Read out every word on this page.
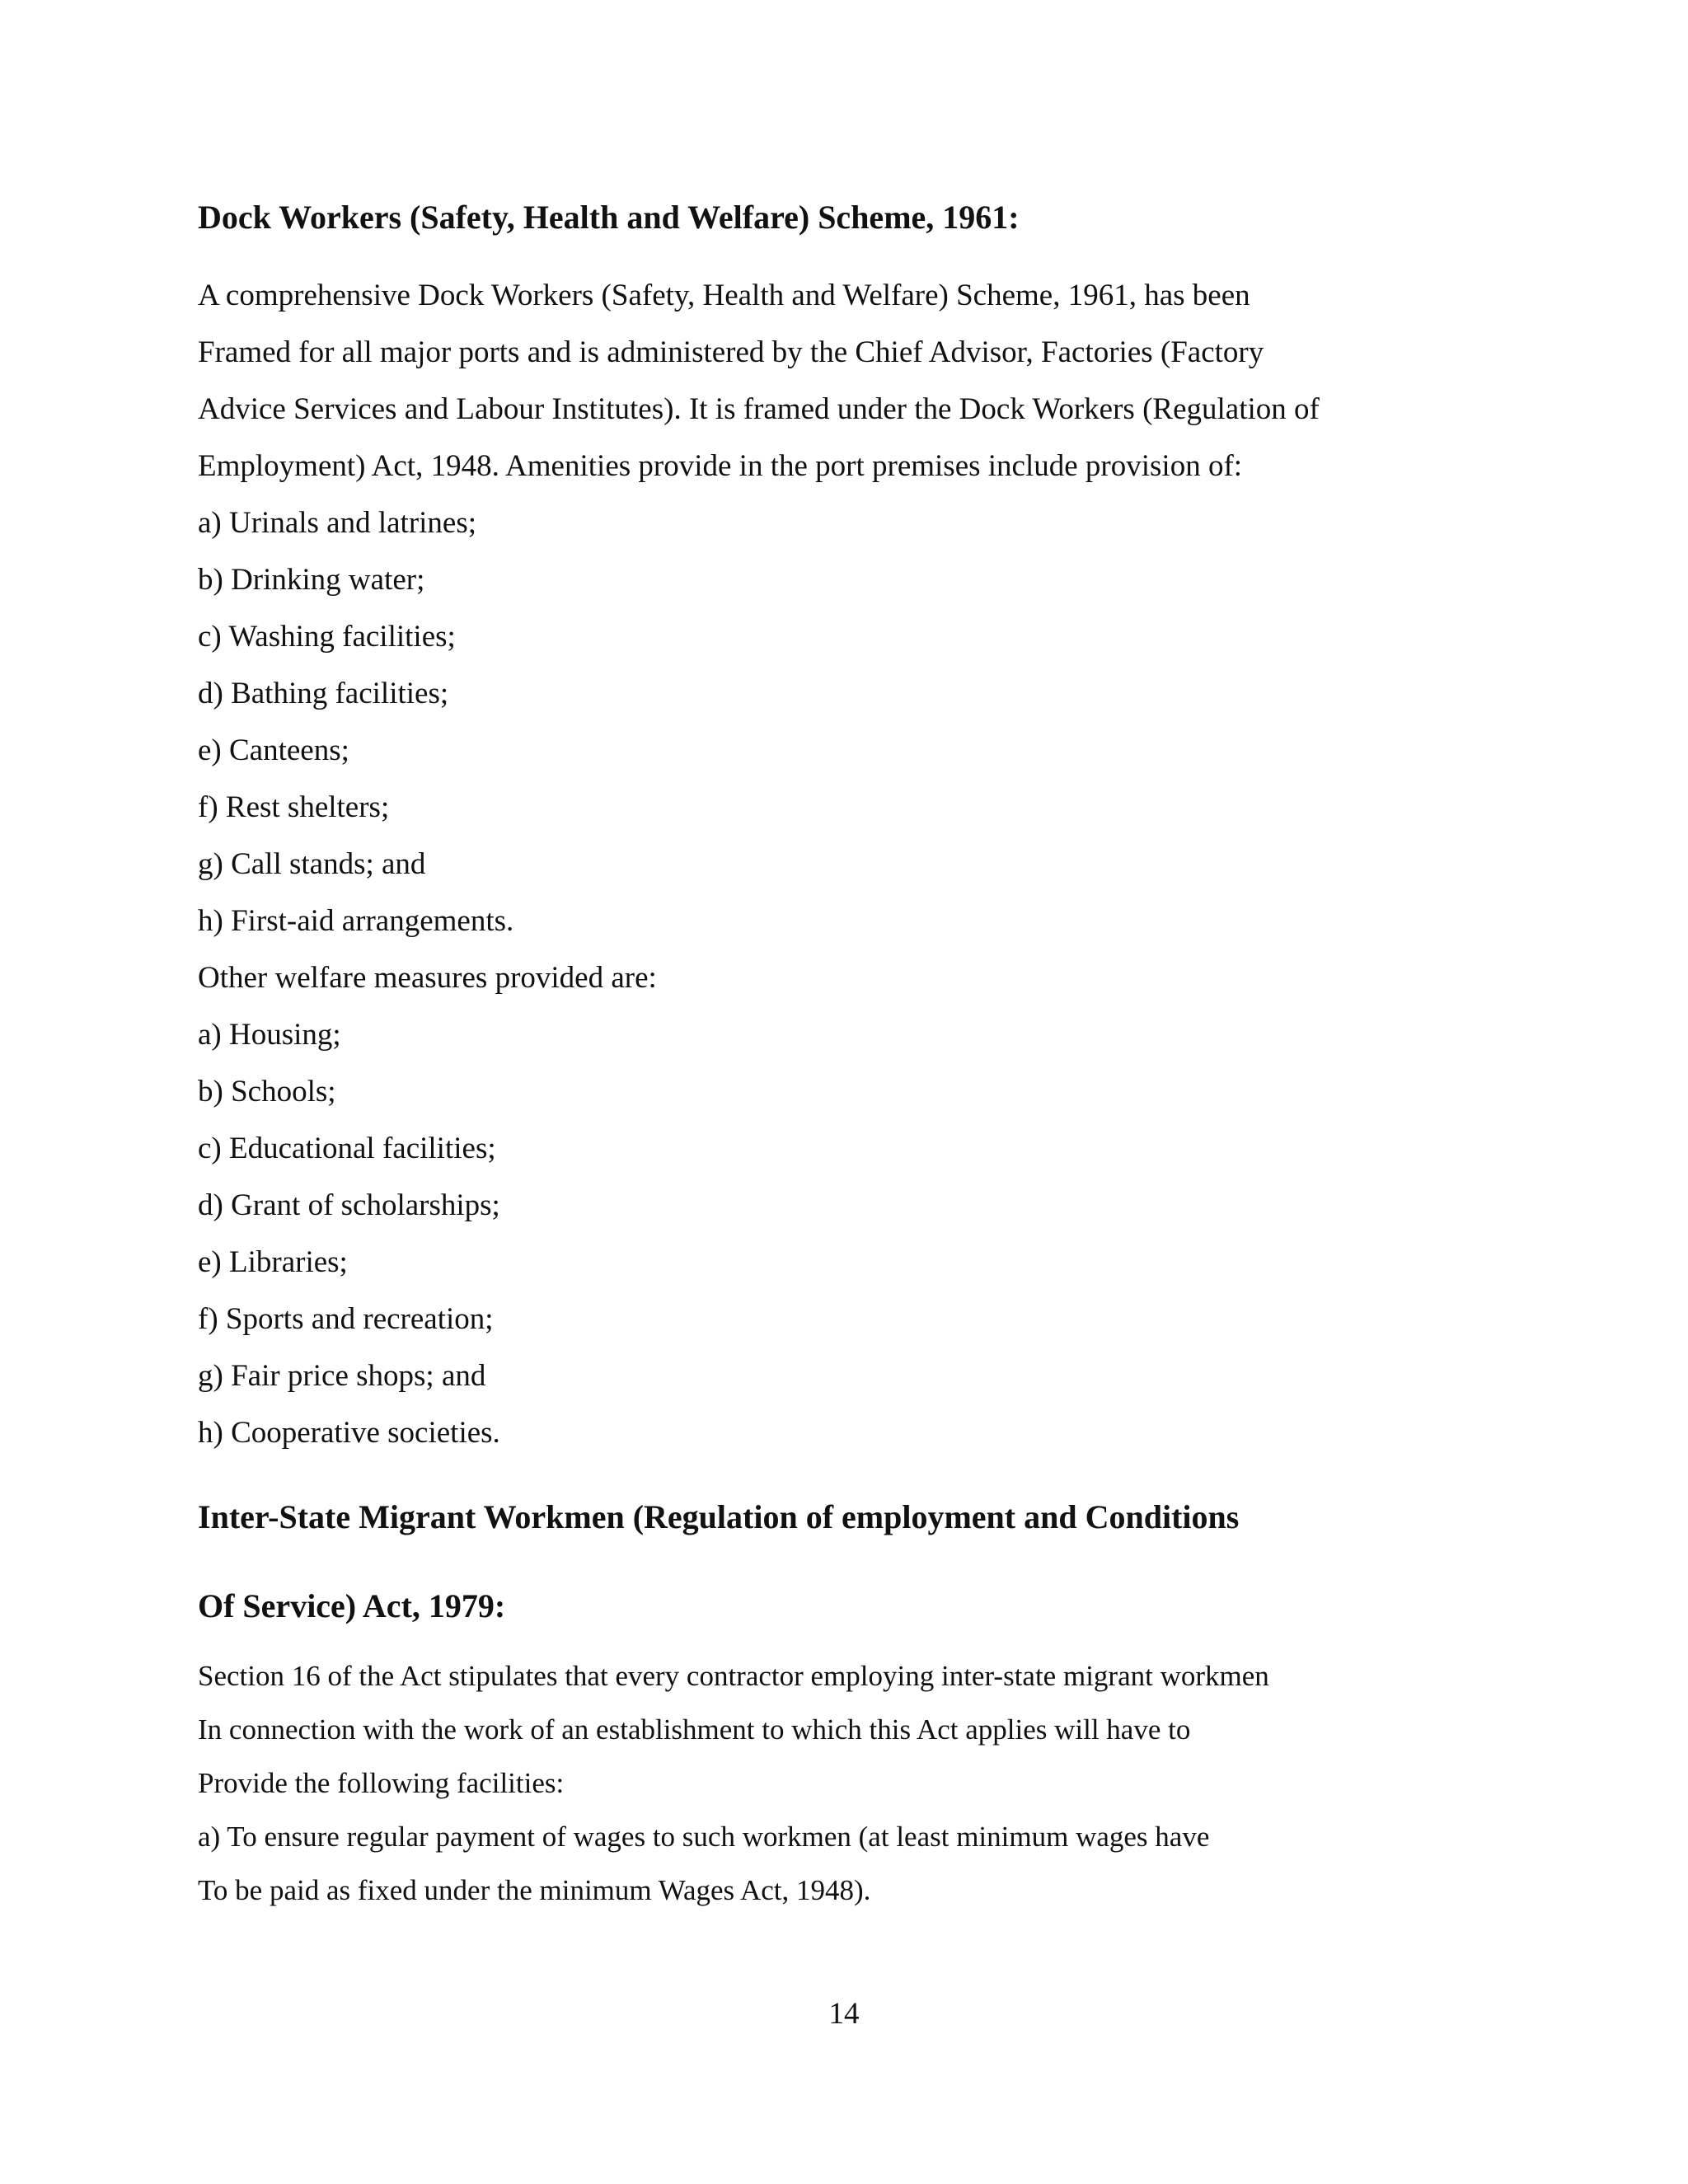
Dock Workers (Safety, Health and Welfare) Scheme, 1961:

A comprehensive Dock Workers (Safety, Health and Welfare) Scheme, 1961, has been

Framed for all major ports and is administered by the Chief Advisor, Factories (Factory

Advice Services and Labour Institutes). It is framed under the Dock Workers (Regulation of

Employment) Act, 1948. Amenities provide in the port premises include provision of:

a) Urinals and latrines;

b) Drinking water;

c) Washing facilities;

d) Bathing facilities;

e) Canteens;

f) Rest shelters;

g) Call stands; and

h) First-aid arrangements.

Other welfare measures provided are:

a) Housing;

b) Schools;

c) Educational facilities;

d) Grant of scholarships;

e) Libraries;

f) Sports and recreation;

g) Fair price shops; and

h) Cooperative societies.

Inter-State Migrant Workmen (Regulation of employment and Conditions
Of Service) Act, 1979:

Section 16 of the Act stipulates that every contractor employing inter-state migrant workmen

In connection with the work of an establishment to which this Act applies will have to

Provide the following facilities:

a) To ensure regular payment of wages to such workmen (at least minimum wages have

To be paid as fixed under the minimum Wages Act, 1948).

14
